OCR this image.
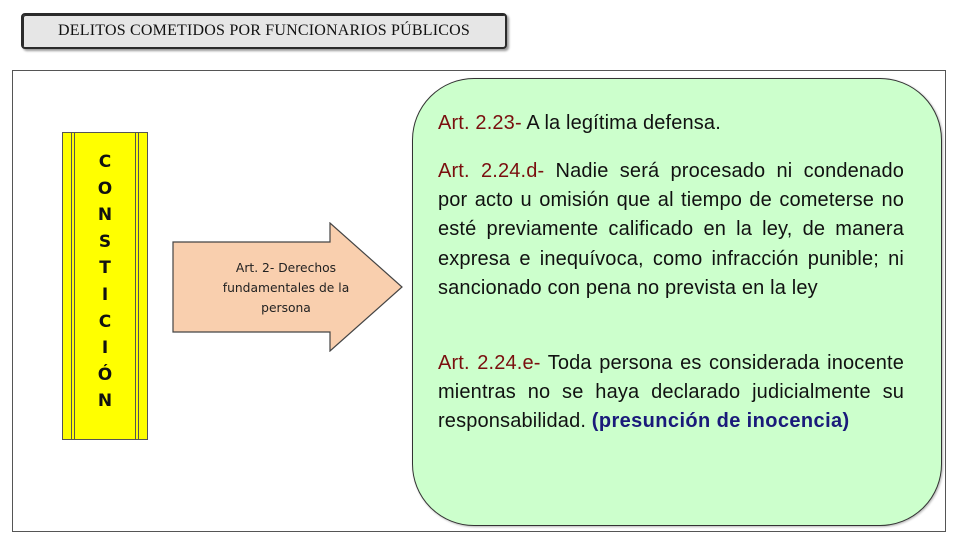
DELITOS COMETIDOS POR FUNCIONARIOS PÚBLICOS
C
O
N
S
T
I
C
I
Ó
N
Art. 2- Derechos fundamentales de la persona
Art. 2.23- A la legítima defensa.
Art. 2.24.d- Nadie será procesado ni condenado por acto u omisión que al tiempo de cometerse no esté previamente calificado en la ley, de manera expresa e inequívoca, como infracción punible; ni sancionado con pena no prevista en la ley
Art. 2.24.e- Toda persona es considerada inocente mientras no se haya declarado judicialmente su responsabilidad. (presunción de inocencia)
